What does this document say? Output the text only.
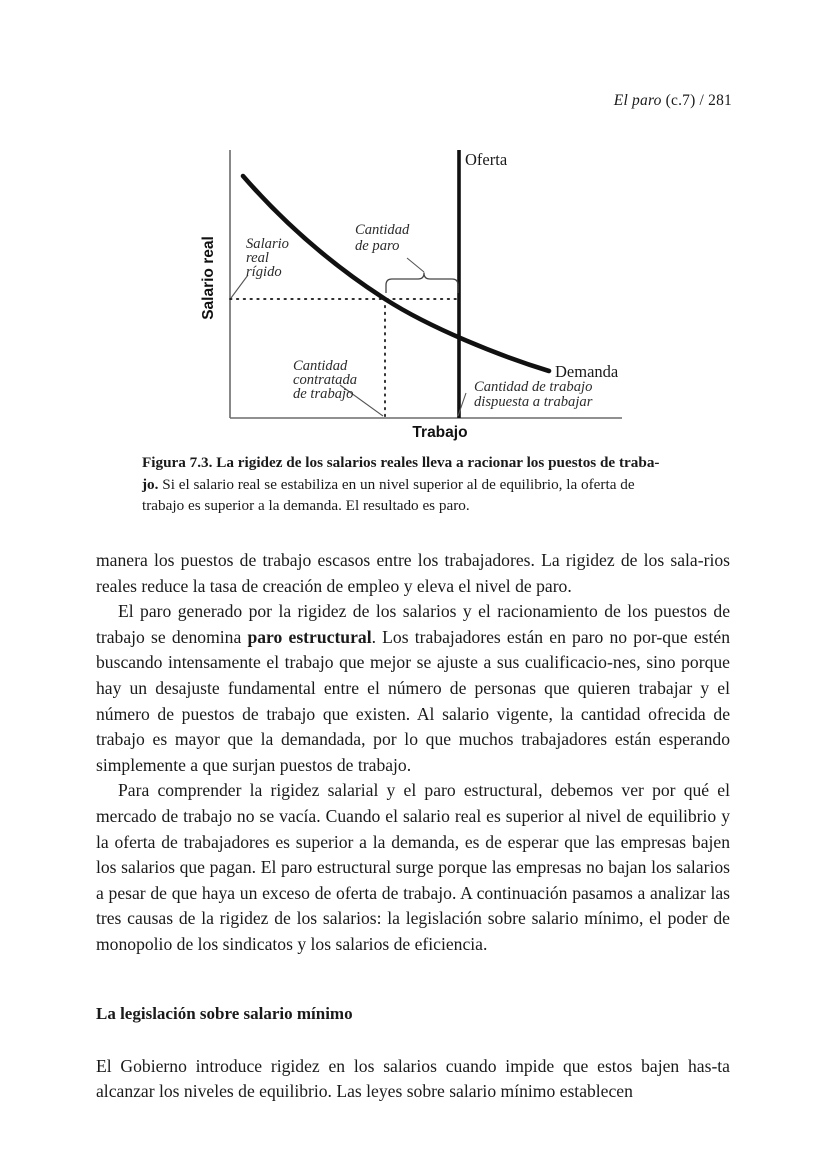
El paro (c.7) / 281
Salario real
Trabajo
Oferta
Demanda
Salario
real
rígido
Cantidad
de paro
Cantidad
contratada
de trabajo	Cantidad de trabajo
dispuesta a trabajar
Figura 7.3. La rigidez de los salarios reales lleva a racionar los puestos de traba-
jo. Si el salario real se estabiliza en un nivel superior al de equilibrio, la oferta de
trabajo es superior a la demanda. El resultado es paro.

manera los puestos de trabajo escasos entre los trabajadores. La rigidez de los sala-rios reales reduce la tasa de creación de empleo y eleva el nivel de paro.

El paro generado por la rigidez de los salarios y el racionamiento de los puestos de trabajo se denomina paro estructural. Los trabajadores están en paro no por-que estén buscando intensamente el trabajo que mejor se ajuste a sus cualificacio-nes, sino porque hay un desajuste fundamental entre el número de personas que quieren trabajar y el número de puestos de trabajo que existen. Al salario vigente, la cantidad ofrecida de trabajo es mayor que la demandada, por lo que muchos trabajadores están esperando simplemente a que surjan puestos de trabajo.

Para comprender la rigidez salarial y el paro estructural, debemos ver por qué el mercado de trabajo no se vacía. Cuando el salario real es superior al nivel de equilibrio y la oferta de trabajadores es superior a la demanda, es de esperar que las empresas bajen los salarios que pagan. El paro estructural surge porque las empresas no bajan los salarios a pesar de que haya un exceso de oferta de trabajo. A continuación pasamos a analizar las tres causas de la rigidez de los salarios: la legislación sobre salario mínimo, el poder de monopolio de los sindicatos y los salarios de eficiencia.

La legislación sobre salario mínimo

El Gobierno introduce rigidez en los salarios cuando impide que estos bajen has-ta alcanzar los niveles de equilibrio. Las leyes sobre salario mínimo establecen
